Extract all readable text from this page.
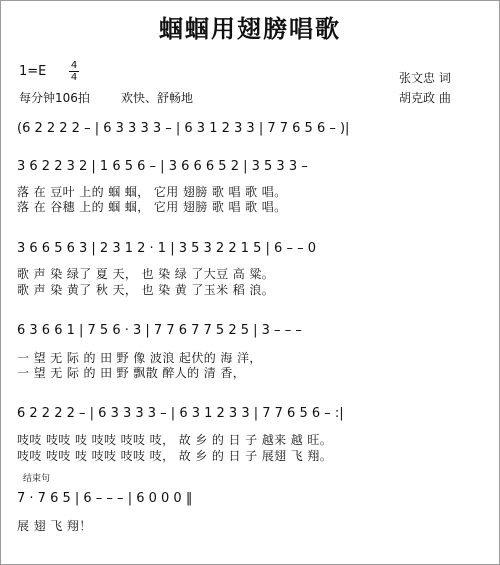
蝈蝈用翅膀唱歌
1=E 4
4
每分钟106拍	欢快、舒畅地
张文忠 词
胡克政 曲
(6 2 2 2 2 – | 6 3 3 3 3 – | 6 3 1 2 3 3 | 7 7 6 5 6 – )|
3 6 2 2 3 2 | 1 6 5 6 – | 3 6 6 6 5 2 | 3 5 3 3 –
落 在 豆叶 上的 蝈 蝈， 它用 翅膀 歌 唱 歌 唱。
落 在 谷穗 上的 蝈 蝈， 它用 翅膀 歌 唱 歌 唱。
3 6 6 5 6 3 | 2 3 1 2 · 1 | 3 5 3 2 2 1 5 | 6 – – 0
歌 声 染 绿了 夏 天， 也 染 绿 了大豆 高 粱。
歌 声 染 黄了 秋 天， 也 染 黄 了玉米 稻 浪。
6 3 6 6 1 | 7 5 6 · 3 | 7 7 6 7 7 5 2 5 | 3 – – –
一 望 无 际 的 田 野 像 波浪 起伏的 海 洋，
一 望 无 际 的 田 野 飘散 醉人的 清 香，
6 2 2 2 2 – | 6 3 3 3 3 – | 6 3 1 2 3 3 | 7 7 6 5 6 – :|
吱吱 吱吱 吱 吱吱 吱吱 吱， 故 乡 的 日 子 越来 越 旺。
吱吱 吱吱 吱 吱吱 吱吱 吱， 故 乡 的 日 子 展翅 飞 翔。
结束句
7 · 7 6 5 | 6 – – – | 6 0 0 0 ‖
展 翅 飞 翔！
